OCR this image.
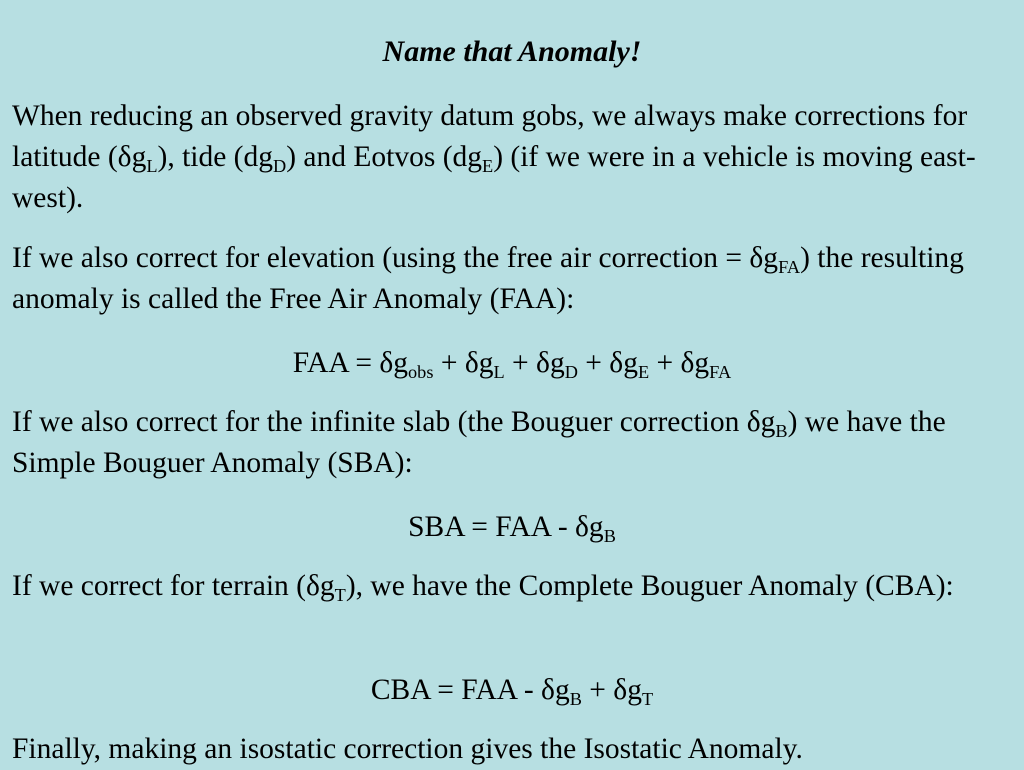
Name that Anomaly!

When reducing an observed gravity datum gobs, we always make corrections for latitude $(\delta g_L)$, tide $(dg_D)$ and Eotvos $(dg_E)$ (if we were in a vehicle is moving east-west).

If we also correct for elevation (using the free air correction = $\delta g_{FA}$) the resulting anomaly is called the Free Air Anomaly (FAA):

FAA = $\delta g_{obs} + \delta g_L + \delta g_D + \delta g_E + \delta g_{FA}$

If we also correct for the infinite slab (the Bouguer correction $\delta g_B$) we have the Simple Bouguer Anomaly (SBA):

SBA = FAA - $\delta g_B$

If we correct for terrain $(\delta g_T)$, we have the Complete Bouguer Anomaly (CBA):

CBA = FAA - $\delta g_B + \delta g_T$

Finally, making an isostatic correction gives the Isostatic Anomaly.
